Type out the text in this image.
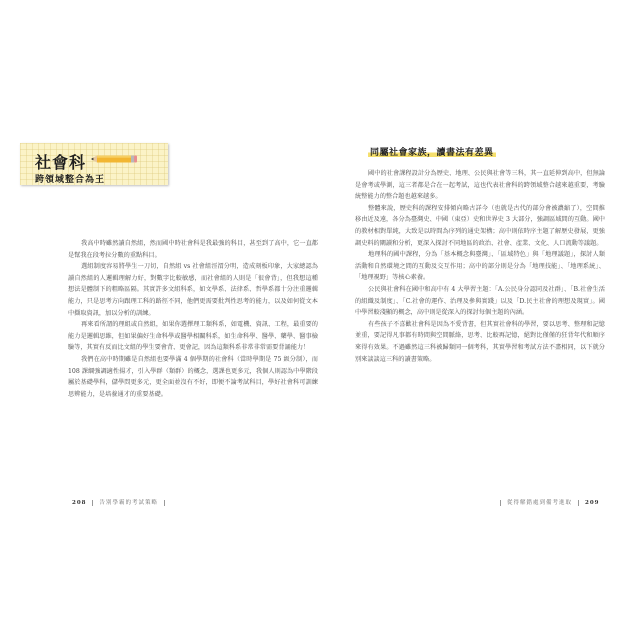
社會科
跨領域整合為王

我高中時雖然讀自然組，然而國中時社會科是我最強的科目，甚至到了高中，它一直都是幫我在段考拉分數的重點科目。

選組制度容易將學生一刀切，自然組 vs 社會組涇渭分明，造成刻板印象，大家總認為讀自然組的人邏輯理解力好，對數字比較敏感，而社會組的人則是「很會背」，但我想這種想法是體制下的粗略區隔。其實許多文組科系，如文學系、法律系、哲學系都十分注重邏輯能力，只是思考方向跟理工科的路徑不同，他們更需要批判性思考的能力，以及如何從文本中擷取資訊，加以分析的訓練。

再來看所謂的理組或自然組，如果你選擇理工類科系，如電機、資訊、工程，最重要的能力是邏輯思維，但如果偏好生命科學或醫學相關科系，如生命科學、醫學、藥學、醫事檢驗等，其實有反而比文組的學生要會背、更會記，因為這類科系非常非常需要背誦能力！

我們在高中時期雖是自然組也要學滿 4 個學期的社會科（當時學期是 75 級分制），而 108 課綱強調適性揚才，引入學群（類群）的概念，選課也更多元，我個人則認為中學階段屬於基礎學科，儲學問更多元，更全面並沒有不好，即便不論考試科目，學好社會科可訓練思辨能力，是培養通才的重要基礎。

208 告別學霸的考試策略
同屬社會家族，讀書法有差異

國中的社會課程設計分為歷史、地理、公民與社會等三科，其一直延伸到高中，但無論是會考或學測，這三者都是合在一起考試，這也代表社會科的跨領域整合越來越重要，考驗統整能力的整合題也越來越多。

整體來說，歷史科的課程安排傾向略古詳今（也就是古代的部分會被濃縮了），空間推移由近及遠，各分為臺灣史、中國（東亞）史和世界史 3 大部分，強調區域間的互動。國中的教材相對單純，大致是以時間為序列的通史架構；高中則依時序主題了解歷史發展，更強調史料的闡讀和分析，更深入探討不同地區的政治、社會、產業、文化、人口流動等議題。

地理科的國中課程，分為「基本概念與臺灣」、「區域特色」與「地理議題」，探討人類活動和自然環境之間的互動及交互作用；高中的部分則是分為「地理技能」、「地理系統」、「地理視野」等核心素養。

公民與社會科在國中和高中有 4 大學習主題：「A.公民身分認同及社群」、「B.社會生活的組織及制度」、「C.社會的運作、治理及參與實踐」以及「D.民主社會的理想及現實」。國中學習較淺顯的概念，高中則是從深入的探討每個主題的內涵。

有些孩子不喜歡社會科是因為不愛背書，但其實社會科的學習，要以思考、整理和記憶並重，要記得凡事都有時間與空間脈絡，思考、比較再記憶，絕對比僅僅的狂背年代和順序來得有效果。不過雖然這三科被歸類同一個考科，其實學習和考試方法不盡相同，以下就分別來談談這三科的讀書策略。

從得解錯處到備考進取 209
